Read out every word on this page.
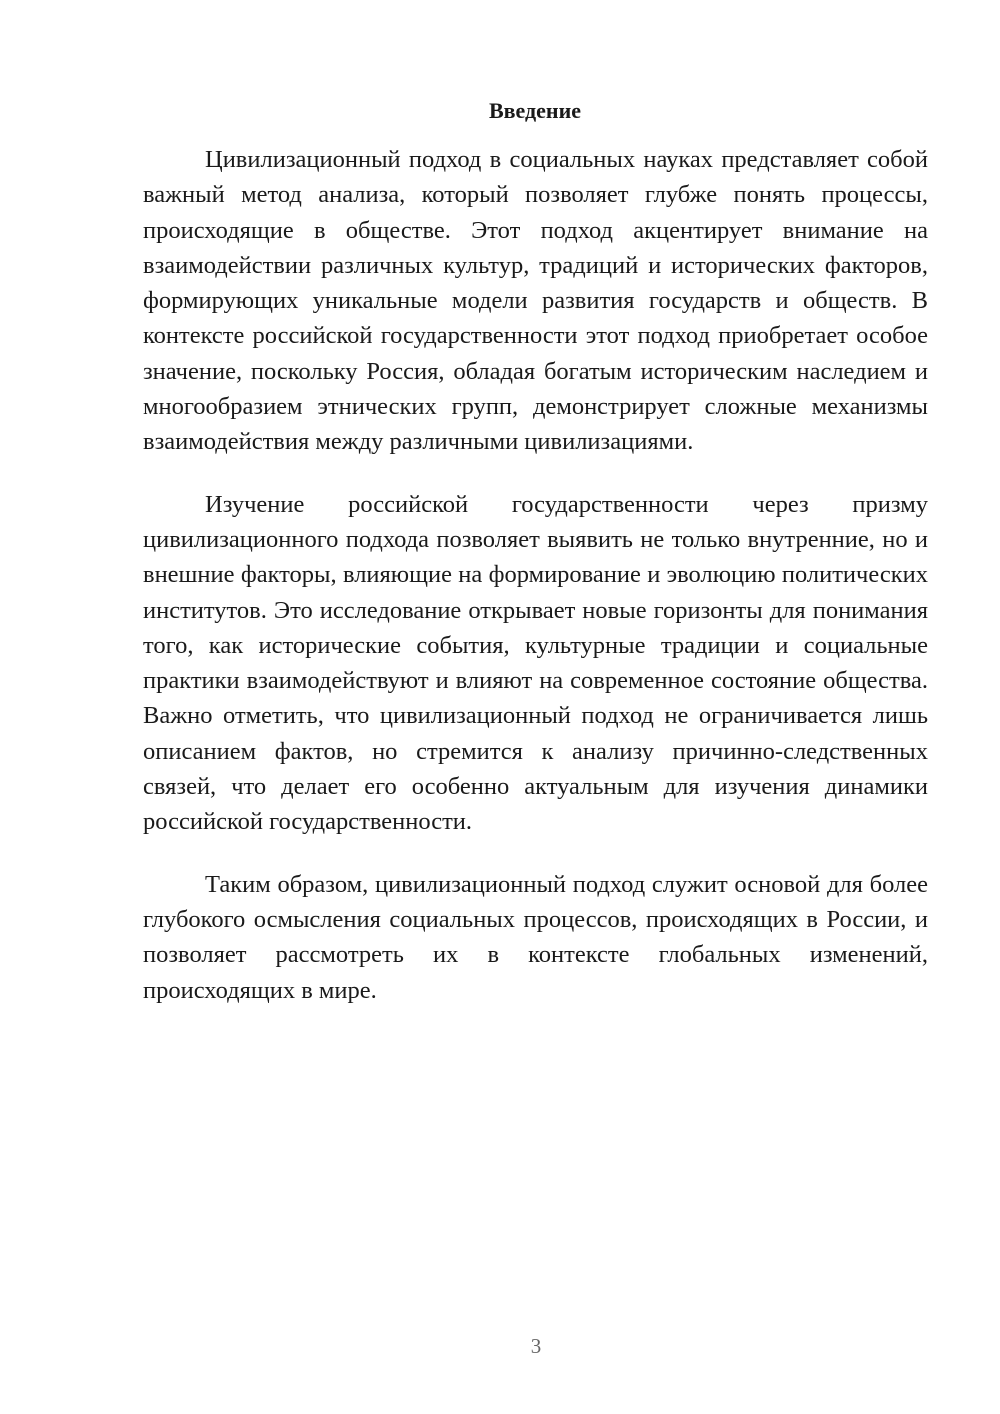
Введение

Цивилизационный подход в социальных науках представляет собой важный метод анализа, который позволяет глубже понять процессы, происходящие в обществе. Этот подход акцентирует внимание на взаимодействии различных культур, традиций и исторических факторов, формирующих уникальные модели развития государств и обществ. В контексте российской государственности этот подход приобретает особое значение, поскольку Россия, обладая богатым историческим наследием и многообразием этнических групп, демонстрирует сложные механизмы взаимодействия между различными цивилизациями.

Изучение российской государственности через призму цивилизационного подхода позволяет выявить не только внутренние, но и внешние факторы, влияющие на формирование и эволюцию политических институтов. Это исследование открывает новые горизонты для понимания того, как исторические события, культурные традиции и социальные практики взаимодействуют и влияют на современное состояние общества. Важно отметить, что цивилизационный подход не ограничивается лишь описанием фактов, но стремится к анализу причинно-следственных связей, что делает его особенно актуальным для изучения динамики российской государственности.

Таким образом, цивилизационный подход служит основой для более глубокого осмысления социальных процессов, происходящих в России, и позволяет рассмотреть их в контексте глобальных изменений, происходящих в мире.

3
